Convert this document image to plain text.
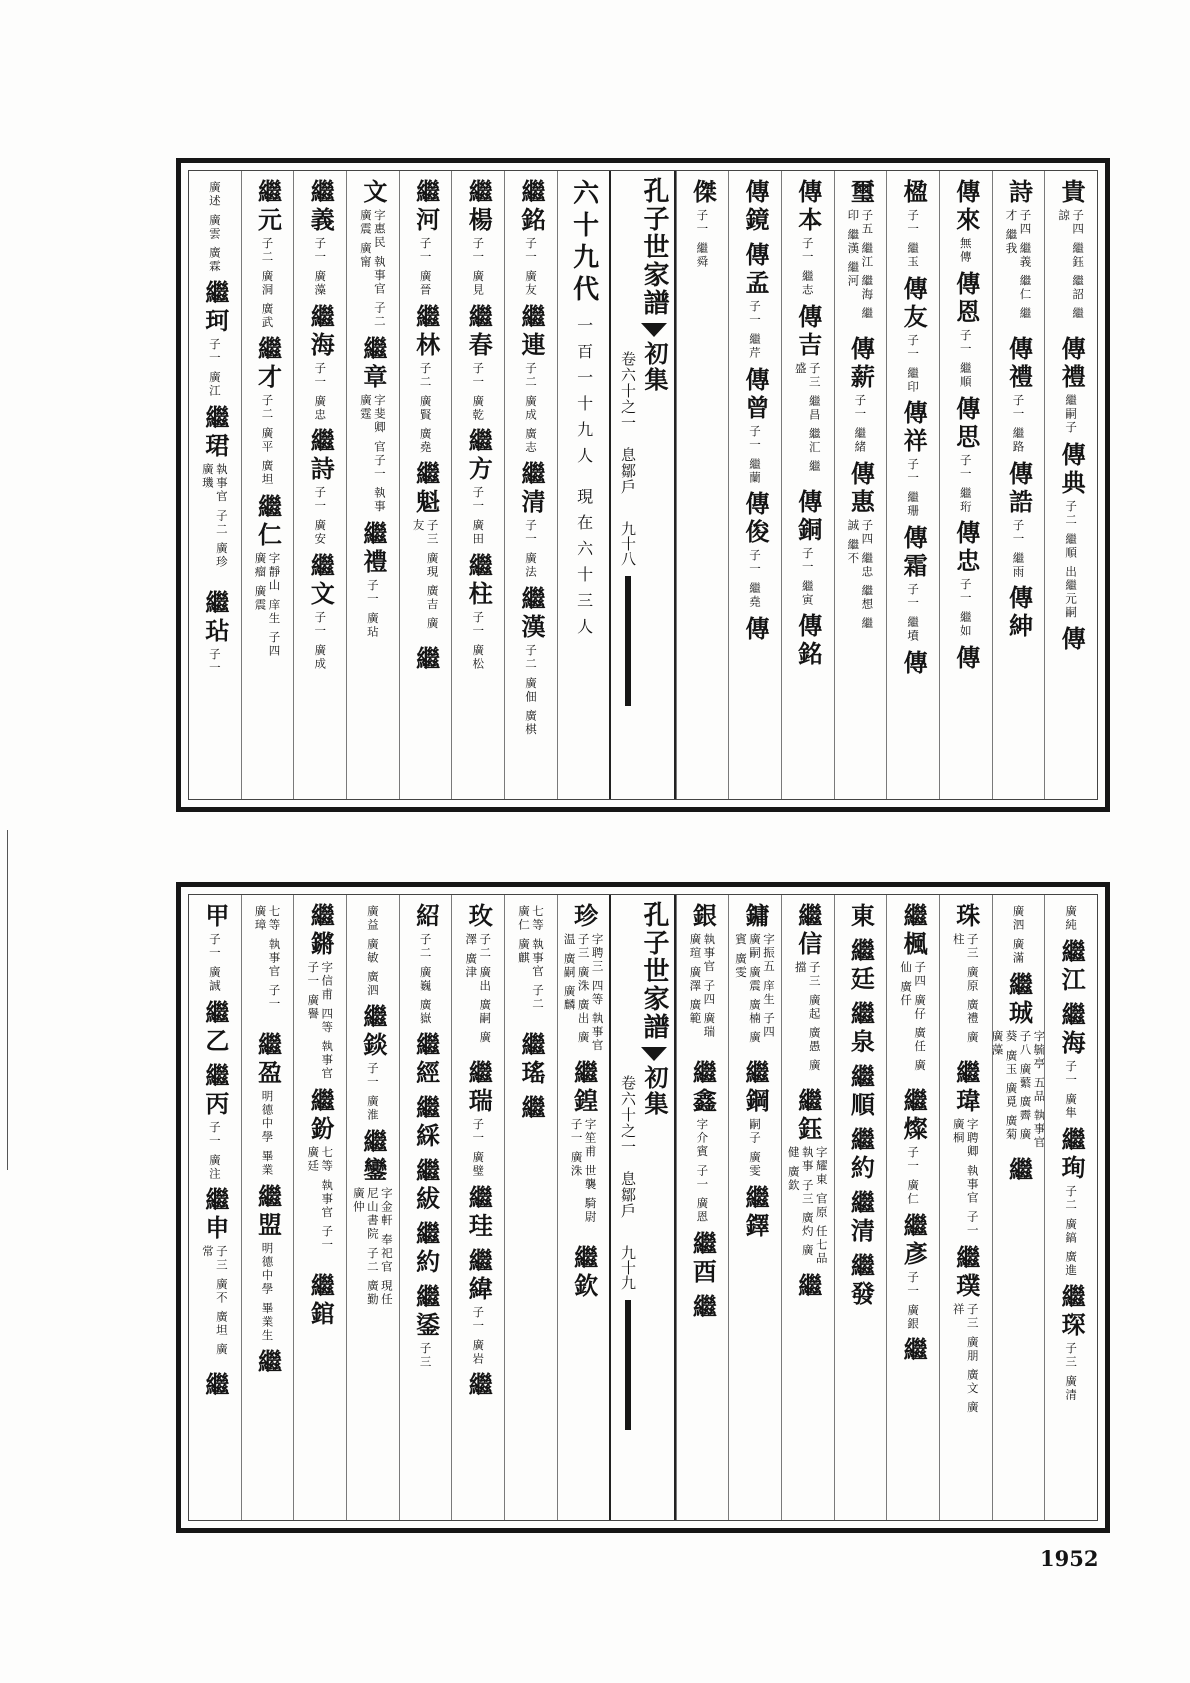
貴
子四 繼鈺 繼詔 繼諒
傳禮
繼嗣子
傳典
子二 繼順 出繼元嗣
傳
詩
子四 繼義 繼仁 繼才 繼我
傳禮
子一 繼路
傳誥
子一 繼雨
傳紳
傳來
無傳
傳恩
子一 繼順
傳思
子一 繼珩
傳忠
子一 繼如
傳
楹
子一 繼玉
傳友
子一 繼印
傳祥
子一 繼珊
傳霜
子一 繼墳
傳
璽
子五 繼江 繼海 繼印 繼漢 繼河
傳薪
子一 繼緒
傳惠
子四 繼忠 繼想 繼誠 繼不
傳本
子一 繼志
傳吉
子三 繼昌 繼汇 繼盛
傳銅
子一 繼寅
傳銘
傳鏡
傳孟
子一 繼芹
傳曾
子一 繼蘭
傳俊
子一 繼堯
傳
傑
子一 繼舜
孔子世家譜
初集
卷六十之一　息鄒戶
九十八
六十九代
一百一十九人 現在六十三人
繼銘
子一 廣友
繼連
子二 廣成 廣志
繼清
子一 廣法
繼漢
子二 廣佃 廣棋
繼楊
子一 廣見
繼春
子一 廣乾
繼方
子一 廣田
繼柱
子一 廣松
繼河
子一 廣晉
繼林
子二 廣賢 廣堯
繼魁
子三 廣現 廣吉 廣友
繼
文
字惠民 執事官 子二 廣震 廣甯
繼章
字斐卿 官子一 執事 廣霆
繼禮
子一 廣玷
繼義
子一 廣藻
繼海
子一 廣忠
繼詩
子一 廣安
繼文
子一 廣成
繼元
子二 廣洞 廣武
繼才
子二 廣平 廣坦
繼仁
字靜山 庠生 子四 廣瘤 廣震
廣述 廣雲 廣霖
繼珂
子一 廣江
繼珺
執事官 子二 廣珍 廣璣
繼玷
子一
廣純
繼江
繼海
子一 廣隼
繼珣
子二 廣鎬 廣進
繼琛
子三 廣清
廣泗 廣滿
繼珹
字毓亭 五品 執事官 子八 廣蘩 廣霽 廣葵 廣玉 廣覓 廣菊 廣藻
繼
珠
子三 廣原 廣禮 廣柱
繼瑋
字聘卿 執事官 子一 廣桐
繼璞
子三 廣朋 廣文 廣祥
繼楓
子四 廣仔 廣任 廣仙 廣仟
繼燦
子一 廣仁
繼彥
子一 廣銀
繼
東
繼廷
繼泉
繼順
繼約
繼清
繼發
繼信
子三 廣起 廣愚 廣擋
繼鈺
字耀東 官原 任七品 執事 子三 廣灼 廣健 廣欽
繼
鏞
字振五 庠生 子四 廣嗣 廣震 廣楠 廣賓 廣雯
繼鋼
嗣子 廣雯
繼鐸
銀
執事官 子四 廣瑞 廣瑄 廣澤 廣範
繼鑫
字介賓 子一 廣恩
繼酉
繼
孔子世家譜
初集
卷六十之一　息鄒戶
九十九
珍
字聘三 四等 執事官 子三 廣洙 廣出 廣温 廣嗣 廣麟
繼鍠
字笙甫 世襲 騎尉 子一 廣洙
繼欽
七等 執事官 子二 廣仁 廣麒
繼瑤
繼
玫
子二 廣出 廣嗣 廣澤 廣津
繼瑞
子一 廣璧
繼珪
繼緯
子一 廣岩
繼
紹
子二 廣巍 廣嶽
繼經
繼綵
繼紱
繼約
繼鋈
子三
廣益 廣敏 廣泗
繼錟
子一 廣淮
繼鑾
字金軒 奉祀官 現任尼山書院 子二 廣勤 廣仲
繼鏘
字信甫 四等 執事官 子一 廣譽
繼鈖
七等 執事官 子一 廣廷
繼錧
七等 執事官 子一 廣璋
繼盈
明德中學 畢業
繼盟
明德中學 畢業生
繼
甲
子一 廣誠
繼乙
繼丙
子一 廣注
繼申
子三 廣不 廣坦 廣常
繼
1952
